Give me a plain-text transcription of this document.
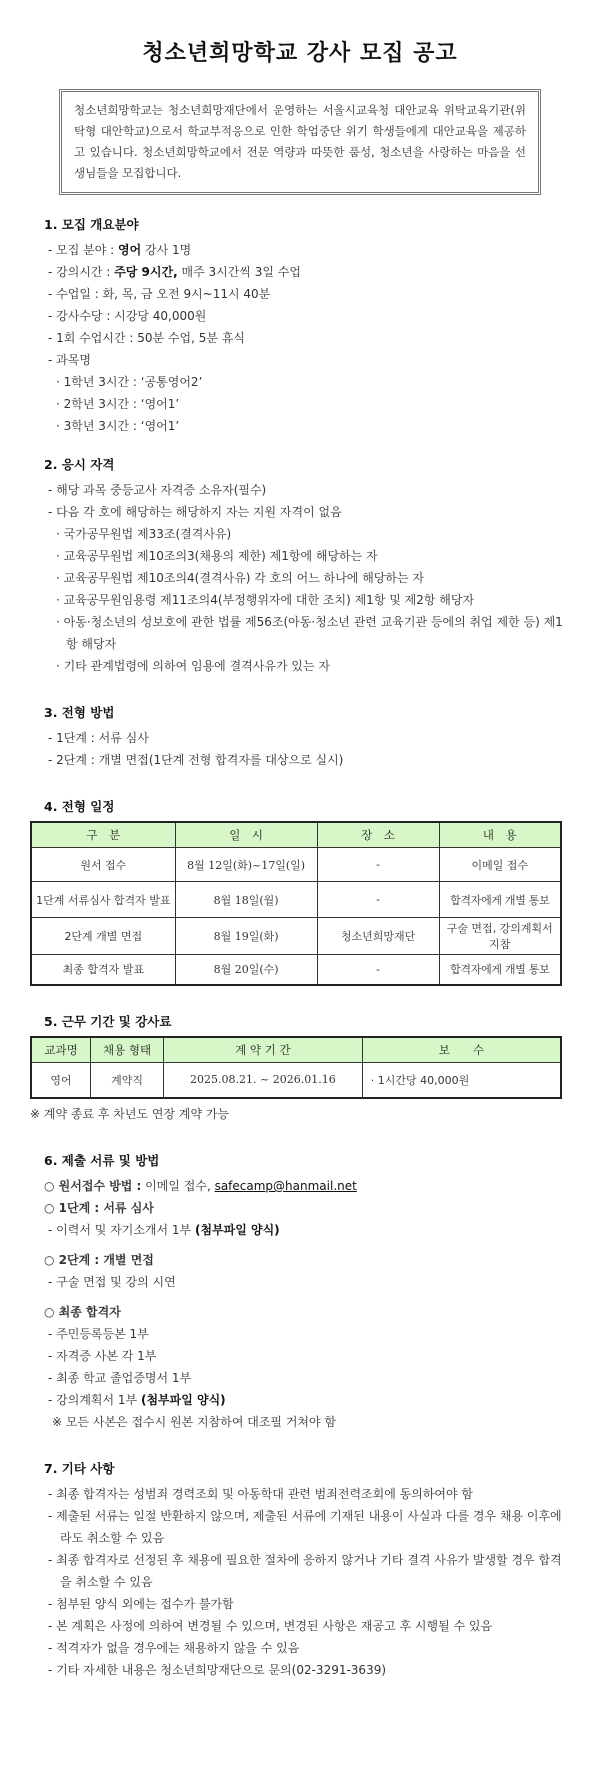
청소년희망학교 강사 모집 공고
청소년희망학교는 청소년희망재단에서 운영하는 서울시교육청 대안교육 위탁교육기관(위탁형 대안학교)으로서 학교부적응으로 인한 학업중단 위기 학생들에게 대안교육을 제공하고 있습니다. 청소년희망학교에서 전문 역량과 따뜻한 품성, 청소년을 사랑하는 마음을 선생님들을 모집합니다.
1. 모집 개요분야
- 모집 분야 : 영어 강사 1명
- 강의시간 : 주당 9시간, 매주 3시간씩 3일 수업
- 수업일 : 화, 목, 금 오전 9시~11시 40분
- 강사수당 : 시강당 40,000원
- 1회 수업시간 : 50분 수업, 5분 휴식
- 과목명
· 1학년 3시간 : ‘공통영어2’
· 2학년 3시간 : ‘영어1’
· 3학년 3시간 : ‘영어1’
2. 응시 자격
- 해당 과목 중등교사 자격증 소유자(필수)
- 다음 각 호에 해당하는 해당하지 자는 지원 자격이 없음
· 국가공무원법 제33조(결격사유)
· 교육공무원법 제10조의3(채용의 제한) 제1항에 해당하는 자
· 교육공무원법 제10조의4(결격사유) 각 호의 어느 하나에 해당하는 자
· 교육공무원임용령 제11조의4(부정행위자에 대한 조치) 제1항 및 제2항 해당자
· 아동·청소년의 성보호에 관한 법률 제56조(아동·청소년 관련 교육기관 등에의 취업 제한 등) 제1항 해당자
· 기타 관계법령에 의하여 임용에 결격사유가 있는 자
3. 전형 방법
- 1단계 : 서류 심사
- 2단계 : 개별 면접(1단계 전형 합격자를 대상으로 실시)
4. 전형 일정
구　분	일　시	장　소	내　용
원서 접수	8월 12일(화)~17일(일)	-	이메일 접수
1단계 서류심사 합격자 발표	8월 18일(월)	-	합격자에게 개별 통보
2단계 개별 면접	8월 19일(화)	청소년희망재단	구술 면접, 강의계획서 지참
최종 합격자 발표	8월 20일(수)	-	합격자에게 개별 통보
5. 근무 기간 및 강사료
교과명	채용 형태	계 약 기 간	보　　수
영어	계약직	2025.08.21. ~ 2026.01.16	· 1시간당 40,000원
※ 계약 종료 후 차년도 연장 계약 가능
6. 제출 서류 및 방법
○ 원서접수 방법 : 이메일 접수, safecamp@hanmail.net
○ 1단계 : 서류 심사
- 이력서 및 자기소개서 1부 (첨부파일 양식)
○ 2단계 : 개별 면접
- 구술 면접 및 강의 시연
○ 최종 합격자
- 주민등록등본 1부
- 자격증 사본 각 1부
- 최종 학교 졸업증명서 1부
- 강의계획서 1부 (첨부파일 양식)
※ 모든 사본은 접수시 원본 지참하여 대조필 거쳐야 함
7. 기타 사항
- 최종 합격자는 성범죄 경력조회 및 아동학대 관련 범죄전력조회에 동의하여야 함
- 제출된 서류는 일절 반환하지 않으며, 제출된 서류에 기재된 내용이 사실과 다를 경우 채용 이후에라도 취소할 수 있음
- 최종 합격자로 선정된 후 채용에 필요한 절차에 응하지 않거나 기타 결격 사유가 발생할 경우 합격을 취소할 수 있음
- 첨부된 양식 외에는 접수가 불가함
- 본 계획은 사정에 의하여 변경될 수 있으며, 변경된 사항은 재공고 후 시행될 수 있음
- 적격자가 없을 경우에는 채용하지 않을 수 있음
- 기타 자세한 내용은 청소년희망재단으로 문의(02-3291-3639)
